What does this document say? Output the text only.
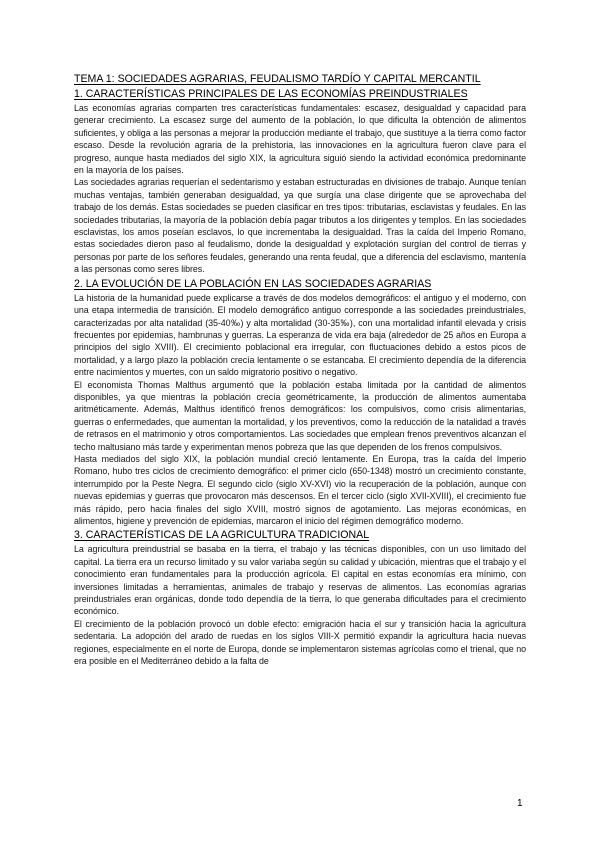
TEMA 1: SOCIEDADES AGRARIAS, FEUDALISMO TARDÍO Y CAPITAL MERCANTIL
1. CARACTERÍSTICAS PRINCIPALES DE LAS ECONOMÍAS PREINDUSTRIALES

Las economías agrarias comparten tres características fundamentales: escasez, desigualdad y capacidad para generar crecimiento. La escasez surge del aumento de la población, lo que dificulta la obtención de alimentos suficientes, y obliga a las personas a mejorar la producción mediante el trabajo, que sustituye a la tierra como factor escaso. Desde la revolución agraria de la prehistoria, las innovaciones en la agricultura fueron clave para el progreso, aunque hasta mediados del siglo XIX, la agricultura siguió siendo la actividad económica predominante en la mayoría de los países.

Las sociedades agrarias requerían el sedentarismo y estaban estructuradas en divisiones de trabajo. Aunque tenían muchas ventajas, también generaban desigualdad, ya que surgía una clase dirigente que se aprovechaba del trabajo de los demás. Estas sociedades se pueden clasificar en tres tipos: tributarias, esclavistas y feudales. En las sociedades tributarias, la mayoría de la población debía pagar tributos a los dirigentes y templos. En las sociedades esclavistas, los amos poseían esclavos, lo que incrementaba la desigualdad. Tras la caída del Imperio Romano, estas sociedades dieron paso al feudalismo, donde la desigualdad y explotación surgían del control de tierras y personas por parte de los señores feudales, generando una renta feudal, que a diferencia del esclavismo, mantenía a las personas como seres libres.

2. LA EVOLUCIÓN DE LA POBLACIÓN EN LAS SOCIEDADES AGRARIAS

La historia de la humanidad puede explicarse a través de dos modelos demográficos: el antiguo y el moderno, con una etapa intermedia de transición. El modelo demográfico antiguo corresponde a las sociedades preindustriales, caracterizadas por alta natalidad (35-40‰) y alta mortalidad (30-35‰), con una mortalidad infantil elevada y crisis frecuentes por epidemias, hambrunas y guerras. La esperanza de vida era baja (alrededor de 25 años en Europa a principios del siglo XVIII). El crecimiento poblacional era irregular, con fluctuaciones debido a estos picos de mortalidad, y a largo plazo la población crecía lentamente o se estancaba. El crecimiento dependía de la diferencia entre nacimientos y muertes, con un saldo migratorio positivo o negativo.

El economista Thomas Malthus argumentó que la población estaba limitada por la cantidad de alimentos disponibles, ya que mientras la población crecía geométricamente, la producción de alimentos aumentaba aritméticamente. Además, Malthus identificó frenos demográficos: los compulsivos, como crisis alimentarias, guerras o enfermedades, que aumentan la mortalidad, y los preventivos, como la reducción de la natalidad a través de retrasos en el matrimonio y otros comportamientos. Las sociedades que emplean frenos preventivos alcanzan el techo maltusiano más tarde y experimentan menos pobreza que las que dependen de los frenos compulsivos.

Hasta mediados del siglo XIX, la población mundial creció lentamente. En Europa, tras la caída del Imperio Romano, hubo tres ciclos de crecimiento demográfico: el primer ciclo (650-1348) mostró un crecimiento constante, interrumpido por la Peste Negra. El segundo ciclo (siglo XV-XVI) vio la recuperación de la población, aunque con nuevas epidemias y guerras que provocaron más descensos. En el tercer ciclo (siglo XVII-XVIII), el crecimiento fue más rápido, pero hacia finales del siglo XVIII, mostró signos de agotamiento. Las mejoras económicas, en alimentos, higiene y prevención de epidemias, marcaron el inicio del régimen demográfico moderno.

3. CARACTERÍSTICAS DE LA AGRICULTURA TRADICIONAL

La agricultura preindustrial se basaba en la tierra, el trabajo y las técnicas disponibles, con un uso limitado del capital. La tierra era un recurso limitado y su valor variaba según su calidad y ubicación, mientras que el trabajo y el conocimiento eran fundamentales para la producción agrícola. El capital en estas economías era mínimo, con inversiones limitadas a herramientas, animales de trabajo y reservas de alimentos. Las economías agrarias preindustriales eran orgánicas, donde todo dependía de la tierra, lo que generaba dificultades para el crecimiento económico.

El crecimiento de la población provocó un doble efecto: emigración hacia el sur y transición hacia la agricultura sedentaria. La adopción del arado de ruedas en los siglos VIII-X permitió expandir la agricultura hacia nuevas regiones, especialmente en el norte de Europa, donde se implementaron sistemas agrícolas como el trienal, que no era posible en el Mediterráneo debido a la falta de

1
